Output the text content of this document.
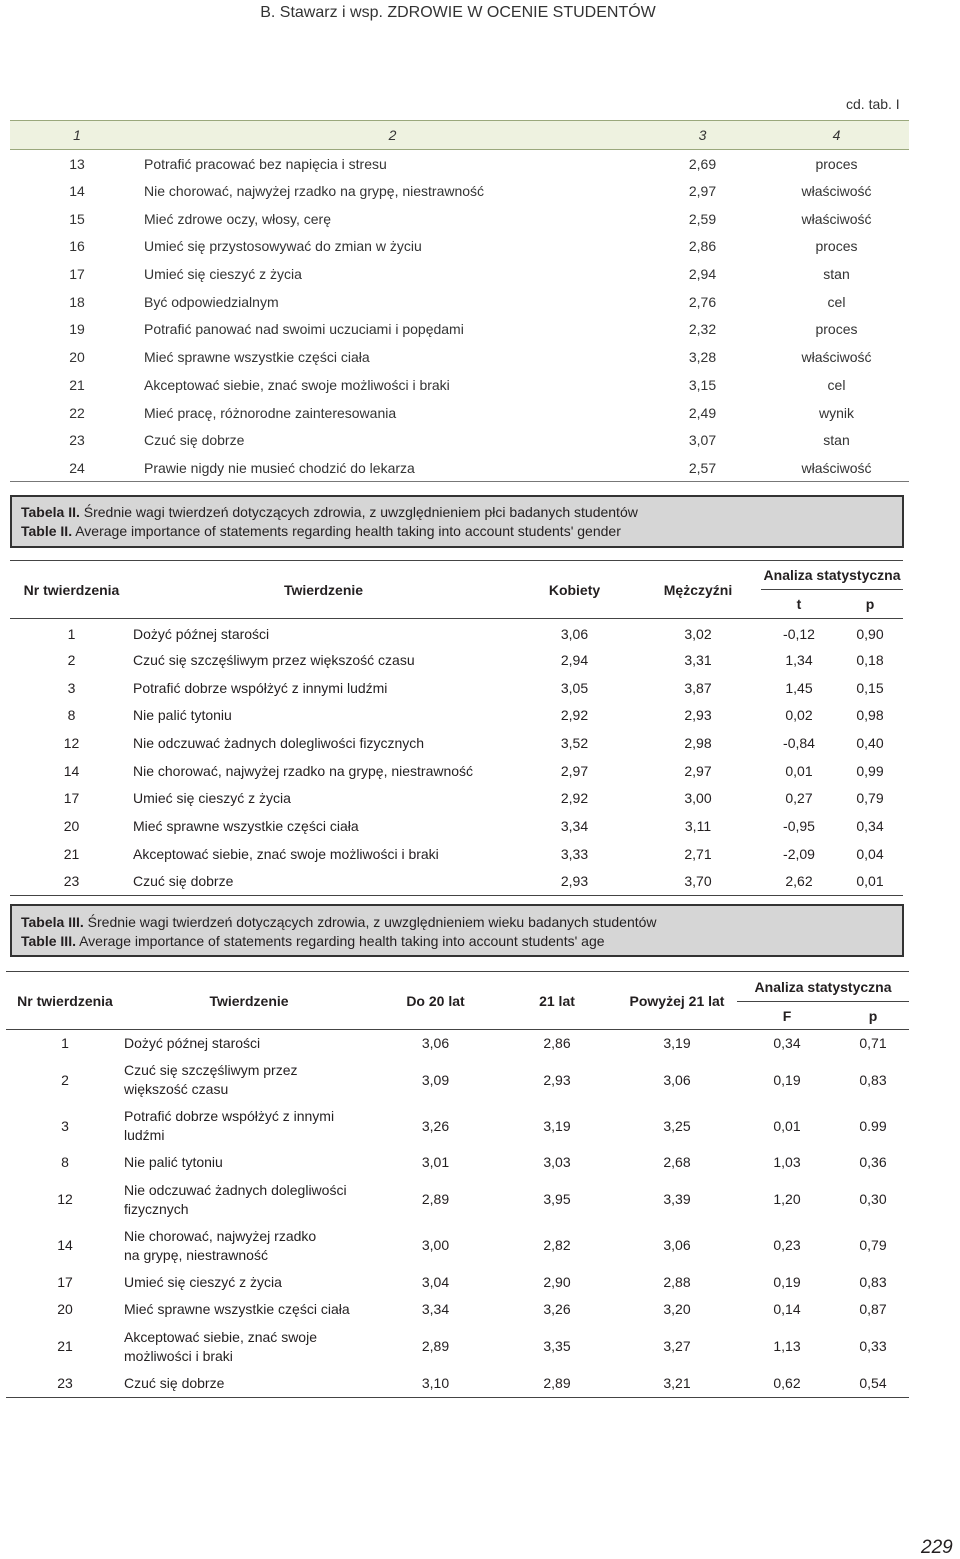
B. Stawarz i wsp. ZDROWIE W OCENIE STUDENTÓW
cd. tab. I
1	2	3	4
13	Potrafić pracować bez napięcia i stresu	2,69	proces
14	Nie chorować, najwyżej rzadko na grypę, niestrawność	2,97	właściwość
15	Mieć zdrowe oczy, włosy, cerę	2,59	właściwość
16	Umieć się przystosowywać do zmian w życiu	2,86	proces
17	Umieć się cieszyć z życia	2,94	stan
18	Być odpowiedzialnym	2,76	cel
19	Potrafić panować nad swoimi uczuciami i popędami	2,32	proces
20	Mieć sprawne wszystkie części ciała	3,28	właściwość
21	Akceptować siebie, znać swoje możliwości i braki	3,15	cel
22	Mieć pracę, różnorodne zainteresowania	2,49	wynik
23	Czuć się dobrze	3,07	stan
24	Prawie nigdy nie musieć chodzić do lekarza	2,57	właściwość
Tabela II. Średnie wagi twierdzeń dotyczących zdrowia, z uwzględnieniem płci badanych studentów
Table II. Average importance of statements regarding health taking into account students' gender
Nr twierdzenia	Twierdzenie	Kobiety	Mężczyźni	Analiza statystyczna	
				t	p
1	Dożyć późnej starości	3,06	3,02	-0,12	0,90
2	Czuć się szczęśliwym przez większość czasu	2,94	3,31	1,34	0,18
3	Potrafić dobrze współżyć z innymi ludźmi	3,05	3,87	1,45	0,15
8	Nie palić tytoniu	2,92	2,93	0,02	0,98
12	Nie odczuwać żadnych dolegliwości fizycznych	3,52	2,98	-0,84	0,40
14	Nie chorować, najwyżej rzadko na grypę, niestrawność	2,97	2,97	0,01	0,99
17	Umieć się cieszyć z życia	2,92	3,00	0,27	0,79
20	Mieć sprawne wszystkie części ciała	3,34	3,11	-0,95	0,34
21	Akceptować siebie, znać swoje możliwości i braki	3,33	2,71	-2,09	0,04
23	Czuć się dobrze	2,93	3,70	2,62	0,01
Tabela III. Średnie wagi twierdzeń dotyczących zdrowia, z uwzględnieniem wieku badanych studentów
Table III. Average importance of statements regarding health taking into account students' age
Nr twierdzenia	Twierdzenie	Do 20 lat	21 lat	Powyżej 21 lat	Analiza statystyczna	
					F	p
1	Dożyć późnej starości	3,06	2,86	3,19	0,34	0,71
2	Czuć się szczęśliwym przez
większość czasu	3,09	2,93	3,06	0,19	0,83
3	Potrafić dobrze współżyć z innymi
ludźmi	3,26	3,19	3,25	0,01	0.99
8	Nie palić tytoniu	3,01	3,03	2,68	1,03	0,36
12	Nie odczuwać żadnych dolegliwości
fizycznych	2,89	3,95	3,39	1,20	0,30
14	Nie chorować, najwyżej rzadko
na grypę, niestrawność	3,00	2,82	3,06	0,23	0,79
17	Umieć się cieszyć z życia	3,04	2,90	2,88	0,19	0,83
20	Mieć sprawne wszystkie części ciała	3,34	3,26	3,20	0,14	0,87
21	Akceptować siebie, znać swoje
możliwości i braki	2,89	3,35	3,27	1,13	0,33
23	Czuć się dobrze	3,10	2,89	3,21	0,62	0,54
229
